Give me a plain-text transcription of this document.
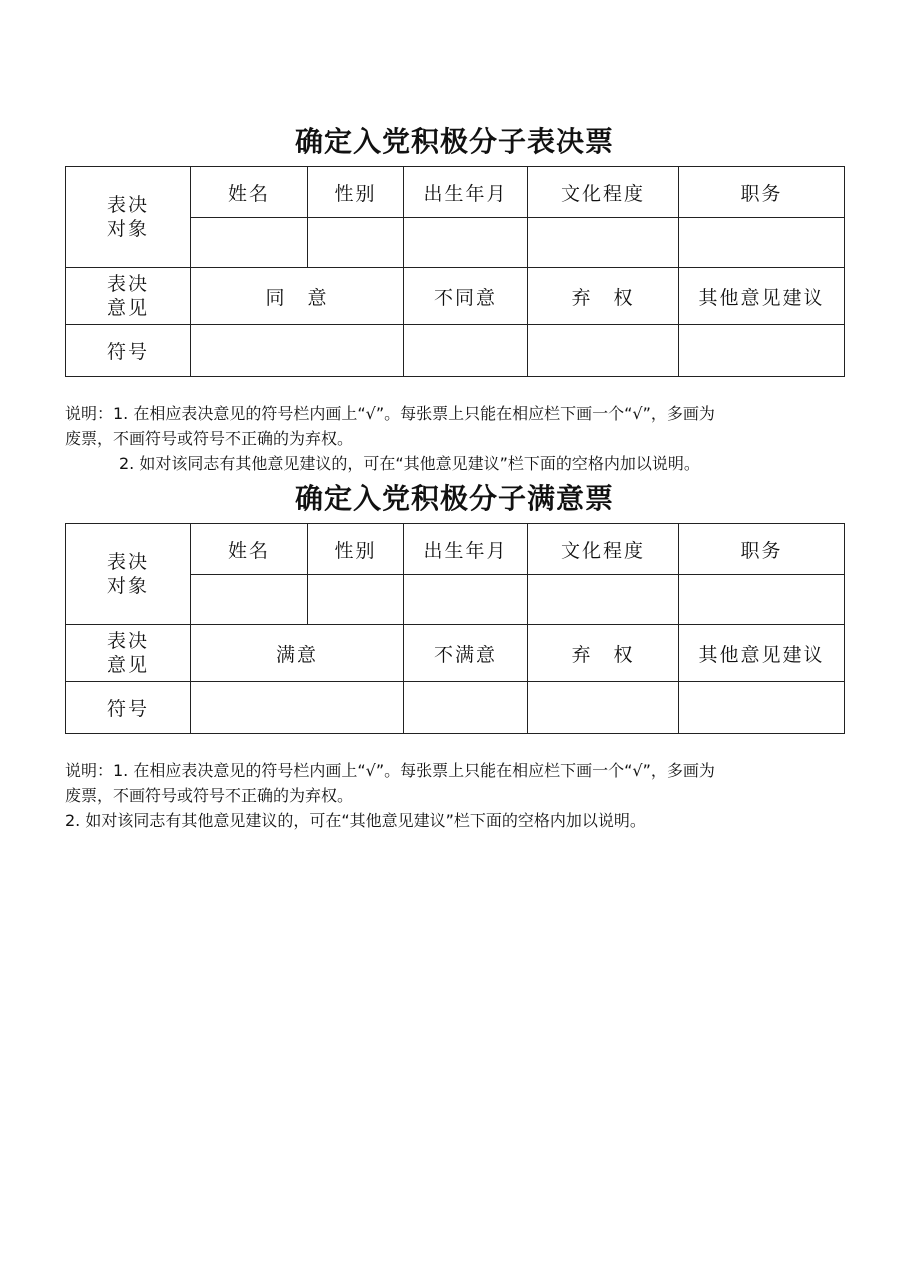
确定入党积极分子表决票
表决
对象	姓名	性别	出生年月	文化程度	职务

表决
意见	同　意		不同意	弃　权	其他意见建议
符号					

说明：1. 在相应表决意见的符号栏内画上“√”。每张票上只能在相应栏下画一个“√”，多画为

废票，不画符号或符号不正确的为弃权。

2. 如对该同志有其他意见建议的，可在“其他意见建议”栏下面的空格内加以说明。

确定入党积极分子满意票
表决
对象	姓名	性别	出生年月	文化程度	职务

表决
意见	满意		不满意	弃　权	其他意见建议
符号					

说明：1. 在相应表决意见的符号栏内画上“√”。每张票上只能在相应栏下画一个“√”，多画为

废票，不画符号或符号不正确的为弃权。

2. 如对该同志有其他意见建议的，可在“其他意见建议”栏下面的空格内加以说明。
